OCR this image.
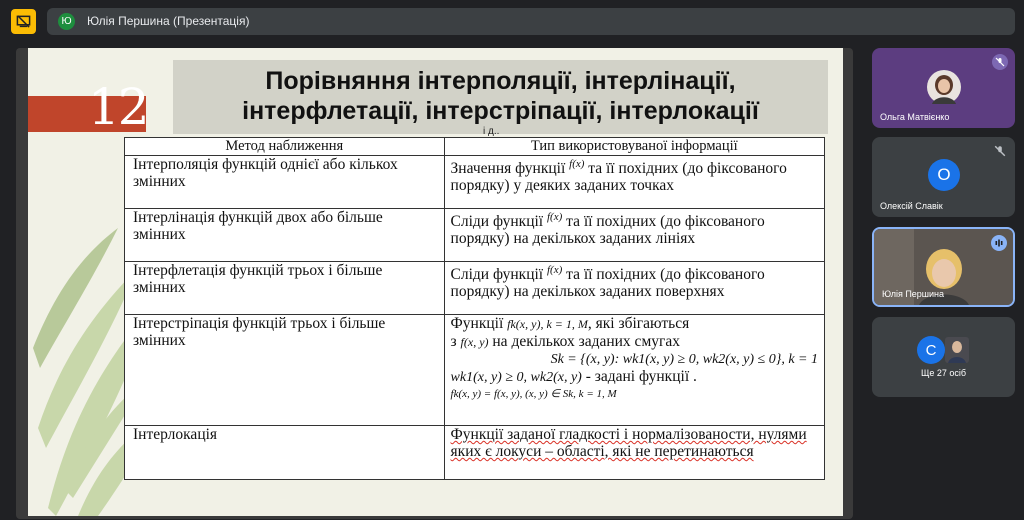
Ю Юлія Першина (Презентація)
12	Порівняння інтерполяції, інтерлінації,
інтерфлетації, інтерстріпації, інтерлокації
і д..
Метод наближення	Тип використовуваної інформації
Інтерполяція функцій однієї або кількох змінних	Значення функції $^{f(x)}$ та її похідних (до фіксованого порядку) у деяких заданих точках
Інтерлінація функцій двох або більше змінних	Сліди функції $^{f(x)}$ та її похідних (до фіксованого порядку) на декількох заданих лініях
Інтерфлетація функцій трьох і більше змінних	Сліди функції $^{f(x)}$ та її похідних (до фіксованого порядку) на декількох заданих поверхнях
Інтерстріпація функцій трьох і більше змінних	Функції fk(x, y), k = 1, M, які збігаються
з f(x, y) на декількох заданих смугах
Sk = {(x, y): wk1(x, y) ≥ 0, wk2(x, y) ≤ 0}, k = 1
wk1(x, y) ≥ 0, wk2(x, y) - задані функції .
fk(x, y) = f(x, y), (x, y) ∈ Sk, k = 1, M

Інтерлокація	Функції заданої гладкості і нормалізованости, нулями яких є локуси – області, які не перетинаються
Ольга Матвієнко
О
Олексій Славік
Юлія Першина
С
Ще 27 осіб
